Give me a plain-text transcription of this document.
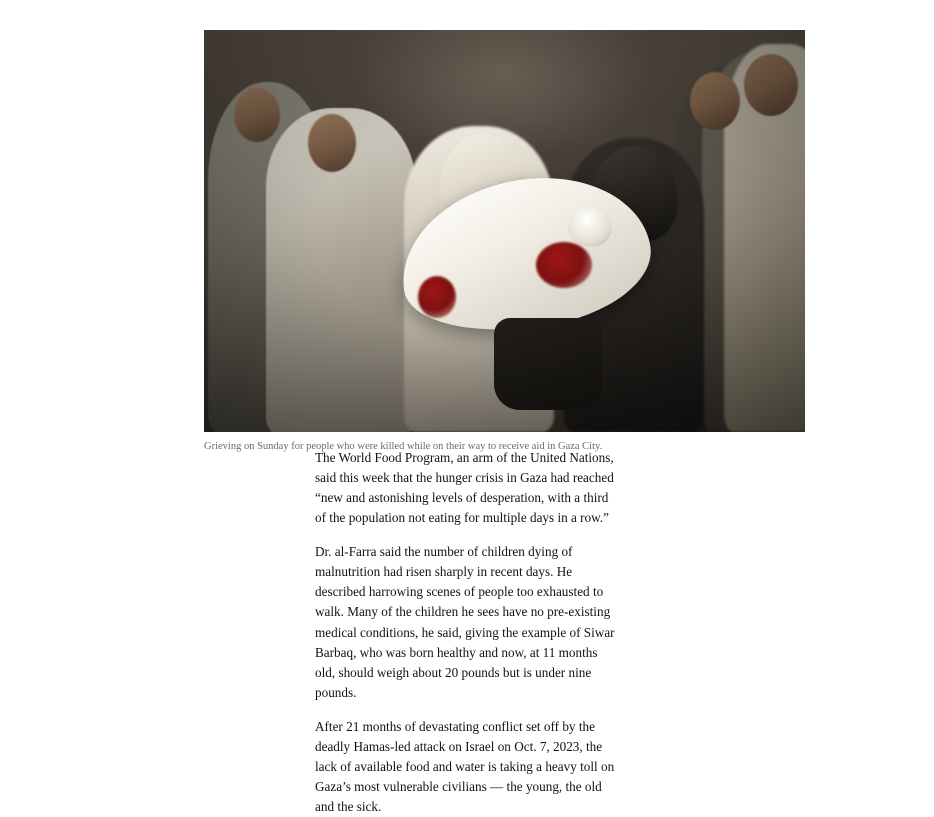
Grieving on Sunday for people who were killed while on their way to receive aid in Gaza City.

The World Food Program, an arm of the United Nations, said this week that the hunger crisis in Gaza had reached “new and astonishing levels of desperation, with a third of the population not eating for multiple days in a row.”

Dr. al-Farra said the number of children dying of malnutrition had risen sharply in recent days. He described harrowing scenes of people too exhausted to walk. Many of the children he sees have no pre-existing medical conditions, he said, giving the example of Siwar Barbaq, who was born healthy and now, at 11 months old, should weigh about 20 pounds but is under nine pounds.

After 21 months of devastating conflict set off by the deadly Hamas-led attack on Israel on Oct. 7, 2023, the lack of available food and water is taking a heavy toll on Gaza’s most vulnerable civilians — the young, the old and the sick.
